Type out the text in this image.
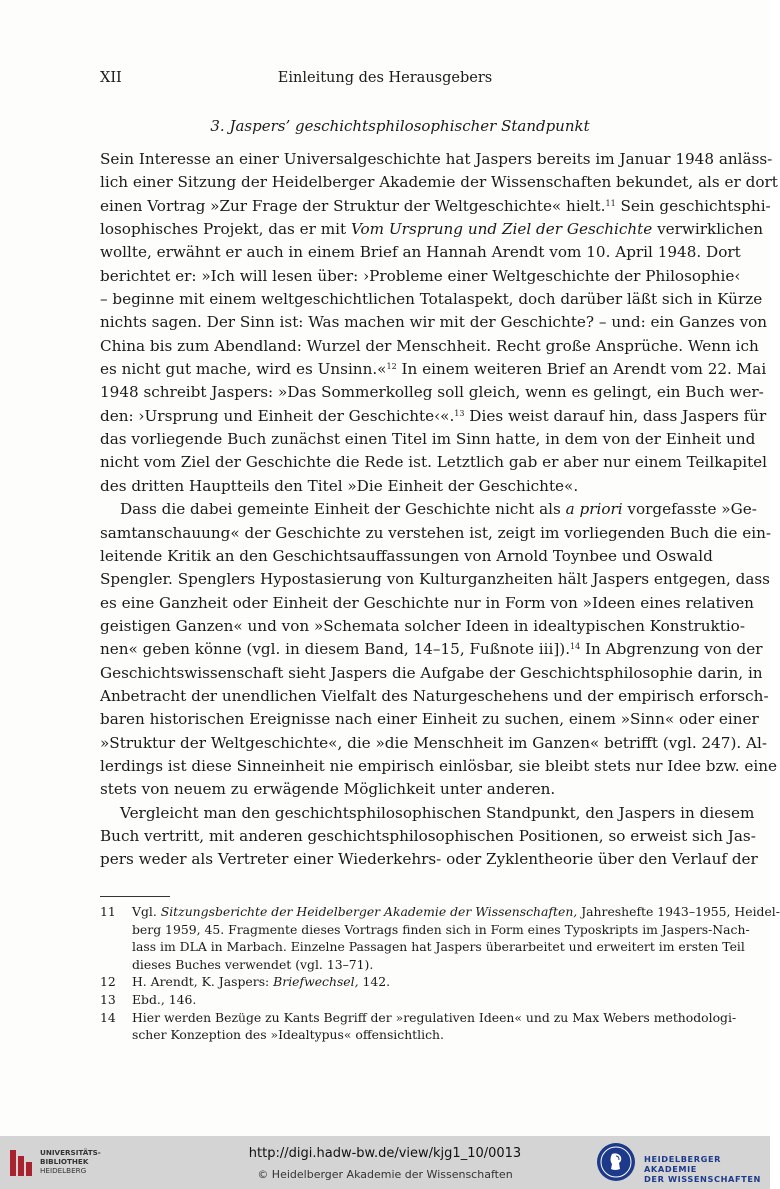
XII	Einleitung des Herausgebers
3. Jaspers’ geschichtsphilosophischer Standpunkt
Sein Interesse an einer Universalgeschichte hat Jaspers bereits im Januar 1948 anläss-
lich einer Sitzung der Heidelberger Akademie der Wissenschaften bekundet, als er dort
einen Vortrag »Zur Frage der Struktur der Weltgeschichte« hielt.$^{11}$ Sein geschichtsphi-
losophisches Projekt, das er mit Vom Ursprung und Ziel der Geschichte verwirklichen
wollte, erwähnt er auch in einem Brief an Hannah Arendt vom 10. April 1948. Dort
berichtet er: »Ich will lesen über: ›Probleme einer Weltgeschichte der Philosophie‹
– beginne mit einem weltgeschichtlichen Totalaspekt, doch darüber läßt sich in Kürze
nichts sagen. Der Sinn ist: Was machen wir mit der Geschichte? – und: ein Ganzes von
China bis zum Abendland: Wurzel der Menschheit. Recht große Ansprüche. Wenn ich
es nicht gut mache, wird es Unsinn.«$^{12}$ In einem weiteren Brief an Arendt vom 22. Mai
1948 schreibt Jaspers: »Das Sommerkolleg soll gleich, wenn es gelingt, ein Buch wer-
den: ›Ursprung und Einheit der Geschichte‹«.$^{13}$ Dies weist darauf hin, dass Jaspers für
das vorliegende Buch zunächst einen Titel im Sinn hatte, in dem von der Einheit und
nicht vom Ziel der Geschichte die Rede ist. Letztlich gab er aber nur einem Teilkapitel
des dritten Hauptteils den Titel »Die Einheit der Geschichte«.
Dass die dabei gemeinte Einheit der Geschichte nicht als a priori vorgefasste »Ge-
samtanschauung« der Geschichte zu verstehen ist, zeigt im vorliegenden Buch die ein-
leitende Kritik an den Geschichtsauffassungen von Arnold Toynbee und Oswald
Spengler. Spenglers Hypostasierung von Kulturganzheiten hält Jaspers entgegen, dass
es eine Ganzheit oder Einheit der Geschichte nur in Form von »Ideen eines relativen
geistigen Ganzen« und von »Schemata solcher Ideen in idealtypischen Konstruktio-
nen« geben könne (vgl. in diesem Band, 14–15, Fußnote iii]).$^{14}$ In Abgrenzung von der
Geschichtswissenschaft sieht Jaspers die Aufgabe der Geschichtsphilosophie darin, in
Anbetracht der unendlichen Vielfalt des Naturgeschehens und der empirisch erforsch-
baren historischen Ereignisse nach einer Einheit zu suchen, einem »Sinn« oder einer
»Struktur der Weltgeschichte«, die »die Menschheit im Ganzen« betrifft (vgl. 247). Al-
lerdings ist diese Sinneinheit nie empirisch einlösbar, sie bleibt stets nur Idee bzw. eine
stets von neuem zu erwägende Möglichkeit unter anderen.
Vergleicht man den geschichtsphilosophischen Standpunkt, den Jaspers in diesem
Buch vertritt, mit anderen geschichtsphilosophischen Positionen, so erweist sich Jas-
pers weder als Vertreter einer Wiederkehrs- oder Zyklentheorie über den Verlauf der
11 Vgl. Sitzungsberichte der Heidelberger Akademie der Wissenschaften, Jahreshefte 1943–1955, Heidel-
berg 1959, 45. Fragmente dieses Vortrags finden sich in Form eines Typoskripts im Jaspers-Nach-
lass im DLA in Marbach. Einzelne Passagen hat Jaspers überarbeitet und erweitert im ersten Teil
dieses Buches verwendet (vgl. 13–71).
12 H. Arendt, K. Jaspers: Briefwechsel, 142.
13 Ebd., 146.
14 Hier werden Bezüge zu Kants Begriff der »regulativen Ideen« und zu Max Webers methodologi-
scher Konzeption des »Idealtypus« offensichtlich.
UNIVERSITÄTS-
BIBLIOTHEK
HEIDELBERG
http://digi.hadw-bw.de/view/kjg1_10/0013
© Heidelberger Akademie der Wissenschaften
HEIDELBERGER AKADEMIE
DER WISSENSCHAFTEN
